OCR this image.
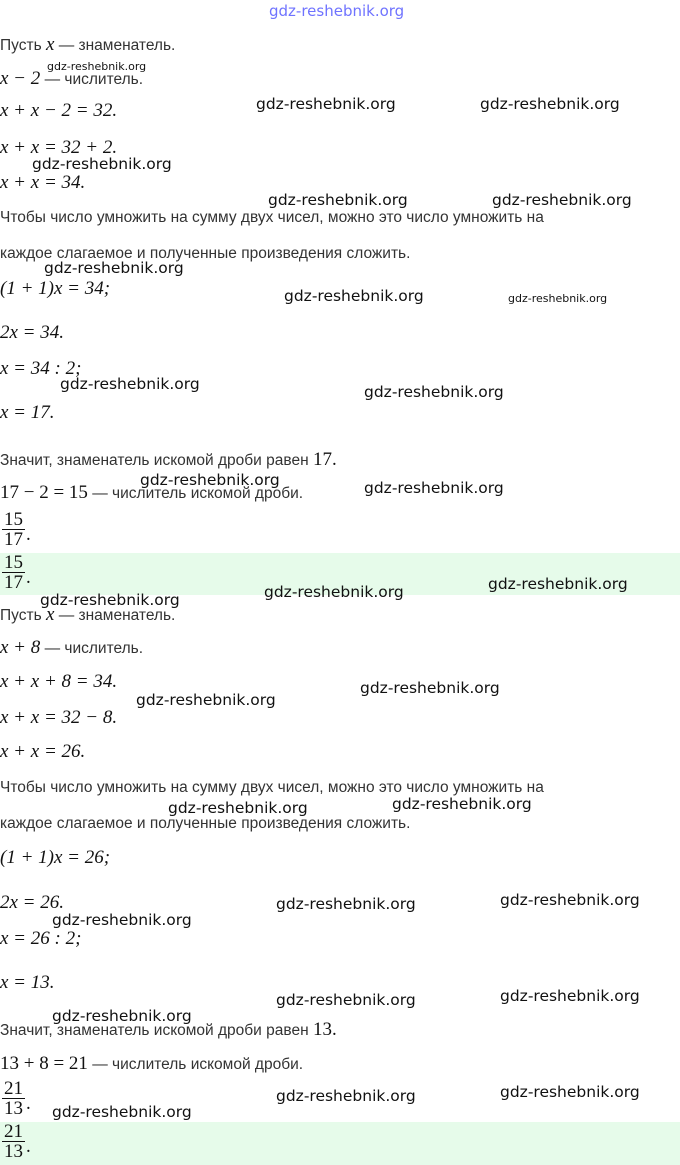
gdz-reshebnik.org
Пусть x — знаменатель.
x − 2 — числитель.
x + x − 2 = 32.
x + x = 32 + 2.
x + x = 34.
Чтобы число умножить на сумму двух чисел, можно это число умножить на
каждое слагаемое и полученные произведения сложить.
(1 + 1)x = 34;
2x = 34.
x = 34 : 2;
x = 17.
Значит, знаменатель искомой дроби равен 17.
17 − 2 = 15 — числитель искомой дроби.
$\frac{15}{17}$ .
$\frac{15}{17}$ .
Пусть x — знаменатель.
x + 8 — числитель.
x + x + 8 = 34.
x + x = 32 − 8.
x + x = 26.
Чтобы число умножить на сумму двух чисел, можно это число умножить на
каждое слагаемое и полученные произведения сложить.
(1 + 1)x = 26;
2x = 26.
x = 26 : 2;
x = 13.
Значит, знаменатель искомой дроби равен 13.
13 + 8 = 21 — числитель искомой дроби.
$\frac{21}{13}$ .
$\frac{21}{13}$ .
gdz-reshebnik.org
gdz-reshebnik.org	gdz-reshebnik.org
gdz-reshebnik.org
gdz-reshebnik.org	gdz-reshebnik.org
gdz-reshebnik.org
gdz-reshebnik.org	gdz-reshebnik.org
gdz-reshebnik.org	gdz-reshebnik.org
gdz-reshebnik.org	gdz-reshebnik.org
gdz-reshebnik.org
gdz-reshebnik.org
gdz-reshebnik.org
gdz-reshebnik.org
gdz-reshebnik.org
gdz-reshebnik.org
gdz-reshebnik.org
gdz-reshebnik.org
gdz-reshebnik.org
gdz-reshebnik.org
gdz-reshebnik.org
gdz-reshebnik.org
gdz-reshebnik.org
gdz-reshebnik.org
gdz-reshebnik.org
gdz-reshebnik.org
